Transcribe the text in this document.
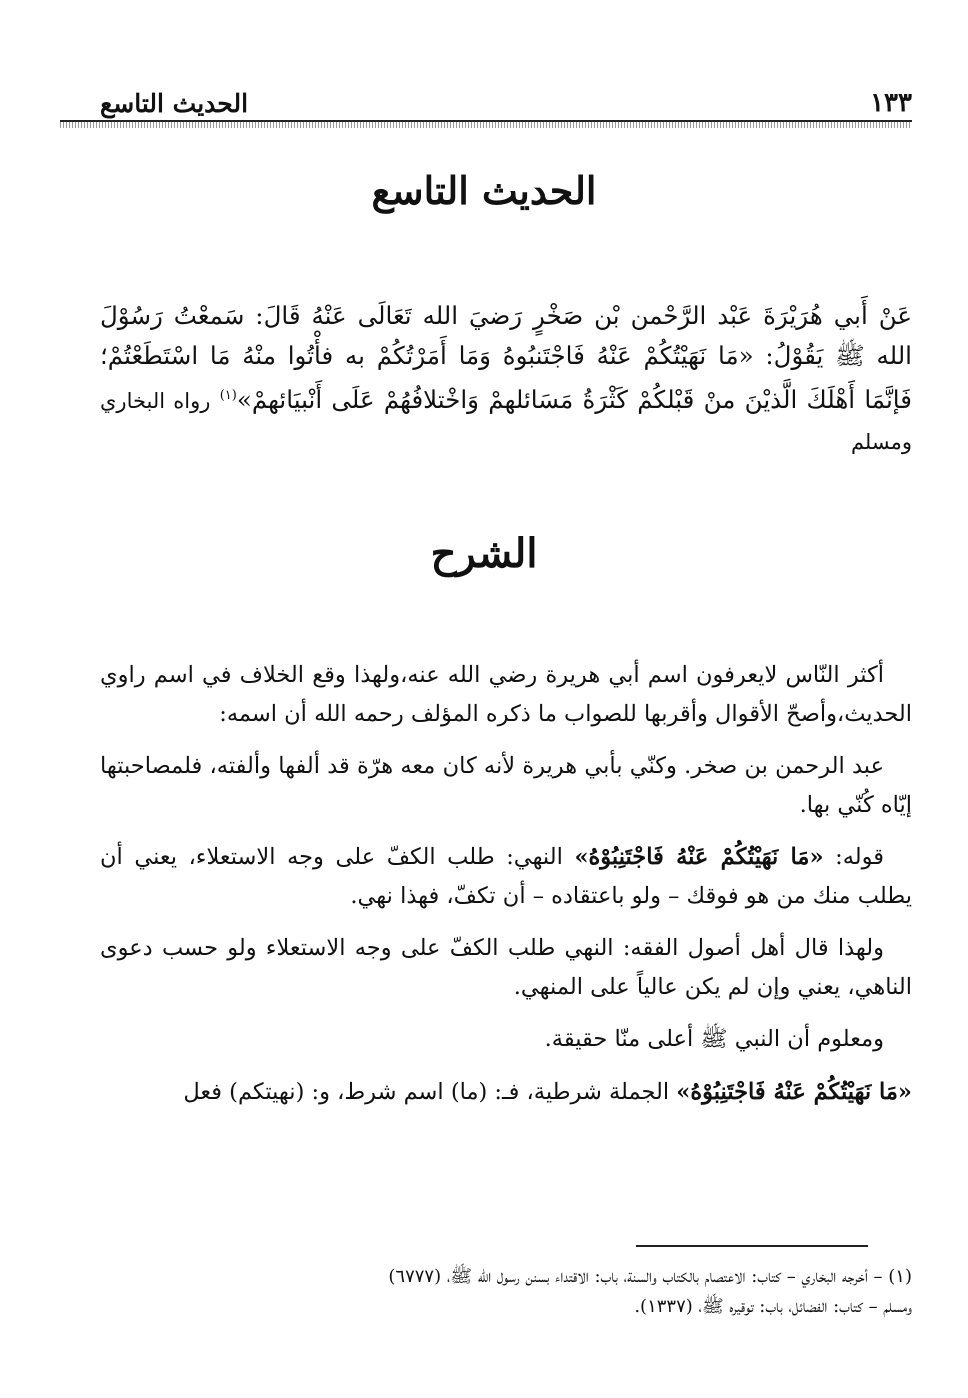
١٣٣
الحديث التاسع
الحديث التاسع
عَنْ أَبي هُرَيْرَةَ عَبْد الرَّحْمن بْن صَخْرٍ رَضيَ الله تَعَالَى عَنْهُ قَالَ: سَمعْتُ رَسُوْلَ الله ﷺ يَقُوْلُ: «مَا نَهَيْتُكُمْ عَنْهُ فَاجْتَنبُوهُ وَمَا أَمَرْتُكُمْ به فأْتُوا منْهُ مَا اسْتَطَعْتُمْ؛ فَإنَّمَا أَهْلَكَ الَّذيْنَ منْ قَبْلكُمْ كَثْرَةُ مَسَائلهمْ وَاخْتلافُهُمْ عَلَى أَنْبيَائهمْ»$^{(١)}$ رواه البخاري ومسلم
الشرح

أكثر النّاس لايعرفون اسم أبي هريرة رضي الله عنه،ولهذا وقع الخلاف في اسم راوي الحديث،وأصحّ الأقوال وأقربها للصواب ما ذكره المؤلف رحمه الله أن اسمه:

عبد الرحمن بن صخر. وكنّي بأبي هريرة لأنه كان معه هرّة قد ألفها وألفته، فلمصاحبتها إيّاه كُنّي بها.

قوله: «مَا نَهَيْتُكُمْ عَنْهُ فَاجْتَنِبُوْهُ» النهي: طلب الكفّ على وجه الاستعلاء، يعني أن يطلب منك من هو فوقك – ولو باعتقاده – أن تكفّ، فهذا نهي.

ولهذا قال أهل أصول الفقه: النهي طلب الكفّ على وجه الاستعلاء ولو حسب دعوى الناهي، يعني وإن لم يكن عالياً على المنهي.

ومعلوم أن النبي ﷺ أعلى منّا حقيقة.

«مَا نَهَيْتُكُمْ عَنْهُ فَاجْتَنِبُوْهُ» الجملة شرطية، فـ: (ما) اسم شرط، و: (نهيتكم) فعل

(١) – أخرجه البخاري – كتاب: الاعتصام بالكتاب والسنة، باب: الاقتداء بسنن رسول الله ﷺ، (٦٧٧٧)

ومسلم – كتاب: الفضائل، باب: توقيره ﷺ، (١٣٣٧).
